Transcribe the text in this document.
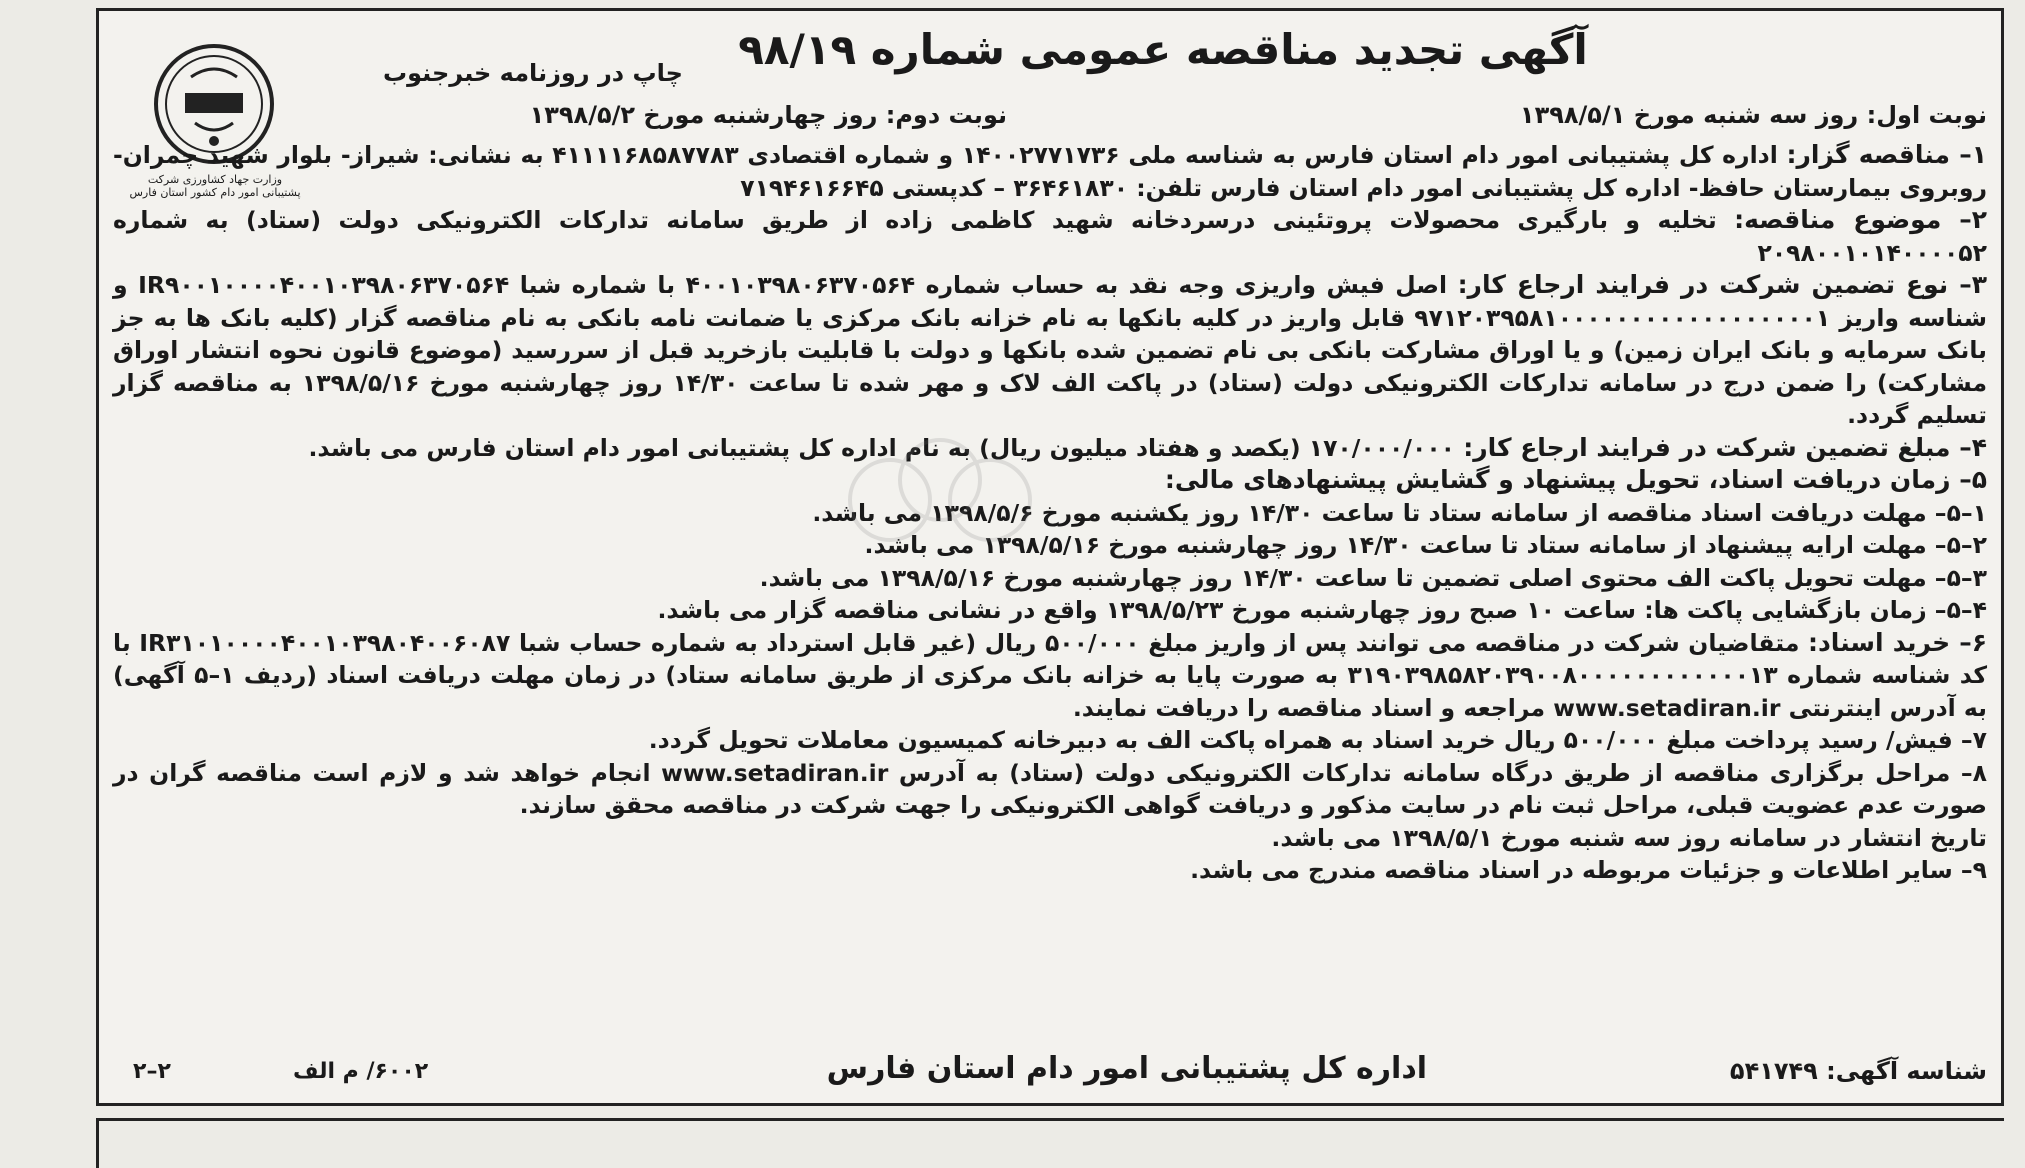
آگهی تجدید مناقصه عمومی شماره ۹۸/۱۹
چاپ در روزنامه خبرجنوب
وزارت جهاد کشاورزی شرکت پشتیبانی امور دام کشور استان فارس
نوبت اول: روز سه شنبه مورخ ۱۳۹۸/۵/۱
نوبت دوم: روز چهارشنبه مورخ ۱۳۹۸/۵/۲

۱– مناقصه گزار: اداره کل پشتیبانی امور دام استان فارس به شناسه ملی ۱۴۰۰۲۷۷۱۷۳۶ و شماره اقتصادی ۴۱۱۱۱۶۸۵۸۷۷۸۳ به نشانی: شیراز- بلوار شهید چمران- روبروی بیمارستان حافظ- اداره کل پشتیبانی امور دام استان فارس تلفن: ۳۶۴۶۱۸۳۰ – کدپستی ۷۱۹۴۶۱۶۶۴۵

۲– موضوع مناقصه: تخلیه و بارگیری محصولات پروتئینی درسردخانه شهید کاظمی زاده از طریق سامانه تدارکات الکترونیکی دولت (ستاد) به شماره ۲۰۹۸۰۰۱۰۱۴۰۰۰۰۵۲

۳– نوع تضمین شرکت در فرایند ارجاع کار: اصل فیش واریزی وجه نقد به حساب شماره ۴۰۰۱۰۳۹۸۰۶۳۷۰۵۶۴ با شماره شبا IR۹۰۰۱۰۰۰۰۴۰۰۱۰۳۹۸۰۶۳۷۰۵۶۴ و شناسه واریز ۹۷۱۲۰۳۹۵۸۱۰۰۰۰۰۰۰۰۰۰۰۰۰۰۰۰۰۰۱ قابل واریز در کلیه بانکها به نام خزانه بانک مرکزی یا ضمانت نامه بانکی به نام مناقصه گزار (کلیه بانک ها به جز بانک سرمایه و بانک ایران زمین) و یا اوراق مشارکت بانکی بی نام تضمین شده بانکها و دولت با قابلیت بازخرید قبل از سررسید (موضوع قانون نحوه انتشار اوراق مشارکت) را ضمن درج در سامانه تدارکات الکترونیکی دولت (ستاد) در پاکت الف لاک و مهر شده تا ساعت ۱۴/۳۰ روز چهارشنبه مورخ ۱۳۹۸/۵/۱۶ به مناقصه گزار تسلیم گردد.

۴– مبلغ تضمین شرکت در فرایند ارجاع کار: ۱۷۰/۰۰۰/۰۰۰ (یکصد و هفتاد میلیون ریال) به نام اداره کل پشتیبانی امور دام استان فارس می باشد.

۵– زمان دریافت اسناد، تحویل پیشنهاد و گشایش پیشنهادهای مالی:

۱–۵– مهلت دریافت اسناد مناقصه از سامانه ستاد تا ساعت ۱۴/۳۰ روز یکشنبه مورخ ۱۳۹۸/۵/۶ می باشد.

۲–۵– مهلت ارایه پیشنهاد از سامانه ستاد تا ساعت ۱۴/۳۰ روز چهارشنبه مورخ ۱۳۹۸/۵/۱۶ می باشد.

۳–۵– مهلت تحویل پاکت الف محتوی اصلی تضمین تا ساعت ۱۴/۳۰ روز چهارشنبه مورخ ۱۳۹۸/۵/۱۶ می باشد.

۴–۵– زمان بازگشایی پاکت ها: ساعت ۱۰ صبح روز چهارشنبه مورخ ۱۳۹۸/۵/۲۳ واقع در نشانی مناقصه گزار می باشد.

۶– خرید اسناد: متقاضیان شرکت در مناقصه می توانند پس از واریز مبلغ ۵۰۰/۰۰۰ ریال (غیر قابل استرداد به شماره حساب شبا IR۳۱۰۱۰۰۰۰۴۰۰۱۰۳۹۸۰۴۰۰۶۰۸۷ با کد شناسه شماره ۳۱۹۰۳۹۸۵۸۲۰۳۹۰۰۸۰۰۰۰۰۰۰۰۰۰۰۰۱۳ به صورت پایا به خزانه بانک مرکزی از طریق سامانه ستاد) در زمان مهلت دریافت اسناد (ردیف ۱–۵ آگهی) به آدرس اینترنتی www.setadiran.ir مراجعه و اسناد مناقصه را دریافت نمایند.

۷– فیش/ رسید پرداخت مبلغ ۵۰۰/۰۰۰ ریال خرید اسناد به همراه پاکت الف به دبیرخانه کمیسیون معاملات تحویل گردد.

۸– مراحل برگزاری مناقصه از طریق درگاه سامانه تدارکات الکترونیکی دولت (ستاد) به آدرس www.setadiran.ir انجام خواهد شد و لازم است مناقصه گران در صورت عدم عضویت قبلی، مراحل ثبت نام در سایت مذکور و دریافت گواهی الکترونیکی را جهت شرکت در مناقصه محقق سازند.

تاریخ انتشار در سامانه روز سه شنبه مورخ ۱۳۹۸/۵/۱ می باشد.

۹– سایر اطلاعات و جزئیات مربوطه در اسناد مناقصه مندرج می باشد.

شناسه آگهی: ۵۴۱۷۴۹
اداره کل پشتیبانی امور دام استان فارس
۶۰۰۲/ م الف
۲–۲
